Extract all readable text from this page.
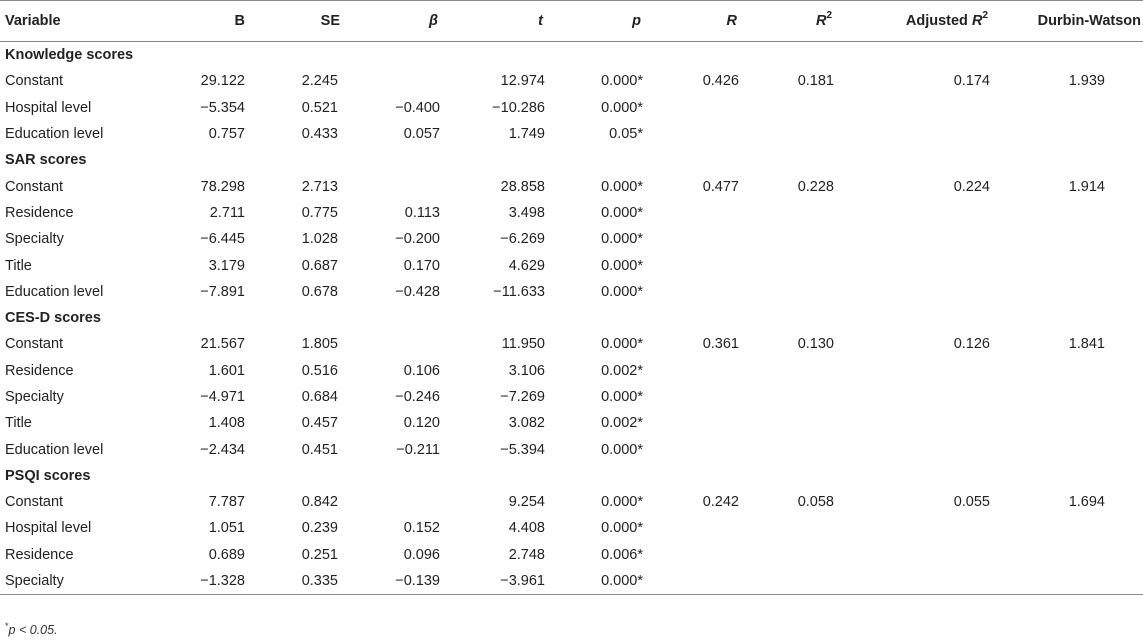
Variable	B	SE	β	t	p	R	$R^2$	Adjusted $R^2$	Durbin-Watson
Knowledge scores									
Constant	29.122	2.245		12.974	0.000*	0.426	0.181	0.174	1.939
Hospital level	−5.354	0.521	−0.400	−10.286	0.000*				
Education level	0.757	0.433	0.057	1.749	0.05*				
SAR scores									
Constant	78.298	2.713		28.858	0.000*	0.477	0.228	0.224	1.914
Residence	2.711	0.775	0.113	3.498	0.000*				
Specialty	−6.445	1.028	−0.200	−6.269	0.000*				
Title	3.179	0.687	0.170	4.629	0.000*				
Education level	−7.891	0.678	−0.428	−11.633	0.000*				
CES-D scores									
Constant	21.567	1.805		11.950	0.000*	0.361	0.130	0.126	1.841
Residence	1.601	0.516	0.106	3.106	0.002*				
Specialty	−4.971	0.684	−0.246	−7.269	0.000*				
Title	1.408	0.457	0.120	3.082	0.002*				
Education level	−2.434	0.451	−0.211	−5.394	0.000*				
PSQI scores									
Constant	7.787	0.842		9.254	0.000*	0.242	0.058	0.055	1.694
Hospital level	1.051	0.239	0.152	4.408	0.000*				
Residence	0.689	0.251	0.096	2.748	0.006*				
Specialty	−1.328	0.335	−0.139	−3.961	0.000*				
*p < 0.05.
